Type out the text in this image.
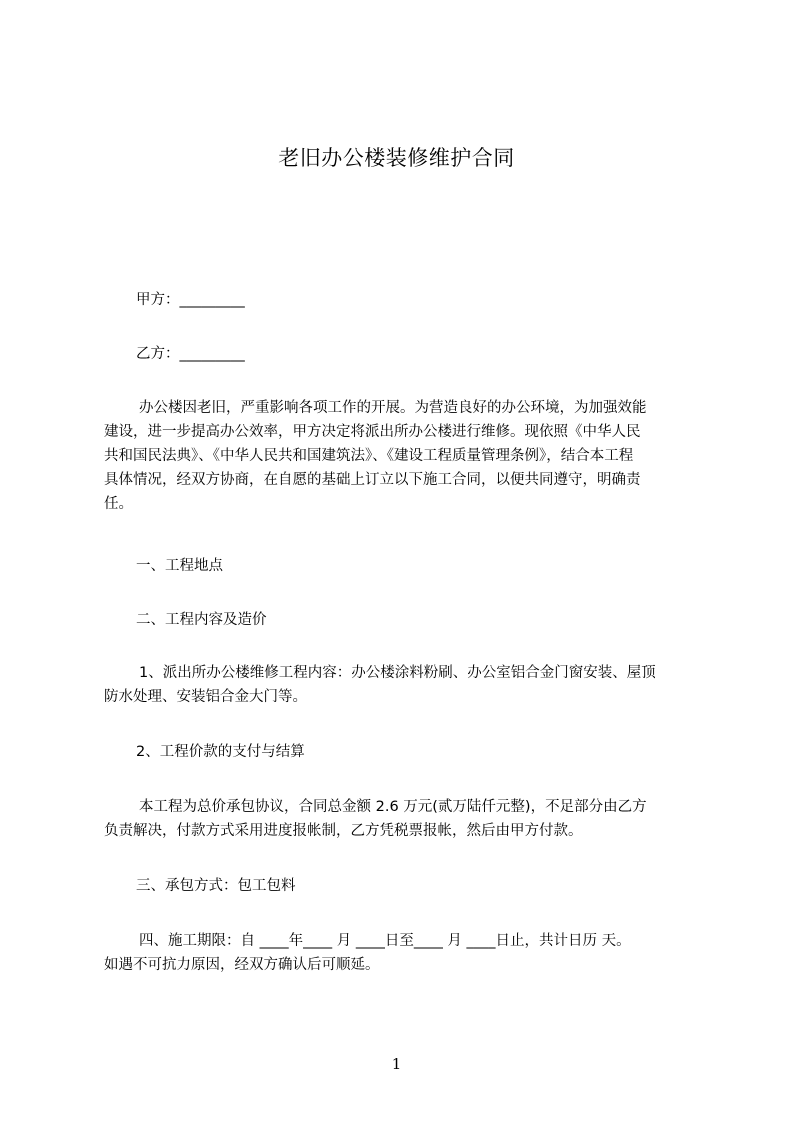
老旧办公楼装修维护合同
甲方：_________
乙方：_________
办公楼因老旧，严重影响各项工作的开展。为营造良好的办公环境，为加强效能
建设，进一步提高办公效率，甲方决定将派出所办公楼进行维修。现依照《中华人民
共和国民法典》、《中华人民共和国建筑法》、《建设工程质量管理条例》，结合本工程
具体情况，经双方协商，在自愿的基础上订立以下施工合同，以便共同遵守，明确责
任。
一、工程地点
二、工程内容及造价
1、派出所办公楼维修工程内容：办公楼涂料粉刷、办公室铝合金门窗安装、屋顶
防水处理、安装铝合金大门等。
2、工程价款的支付与结算
本工程为总价承包协议，合同总金额 2.6 万元(贰万陆仟元整)，不足部分由乙方
负责解决，付款方式采用进度报帐制，乙方凭税票报帐，然后由甲方付款。
三、承包方式：包工包料
四、施工期限：自 ____年____ 月 ____日至____ 月 ____日止，共计日历 天。
如遇不可抗力原因，经双方确认后可顺延。
1
